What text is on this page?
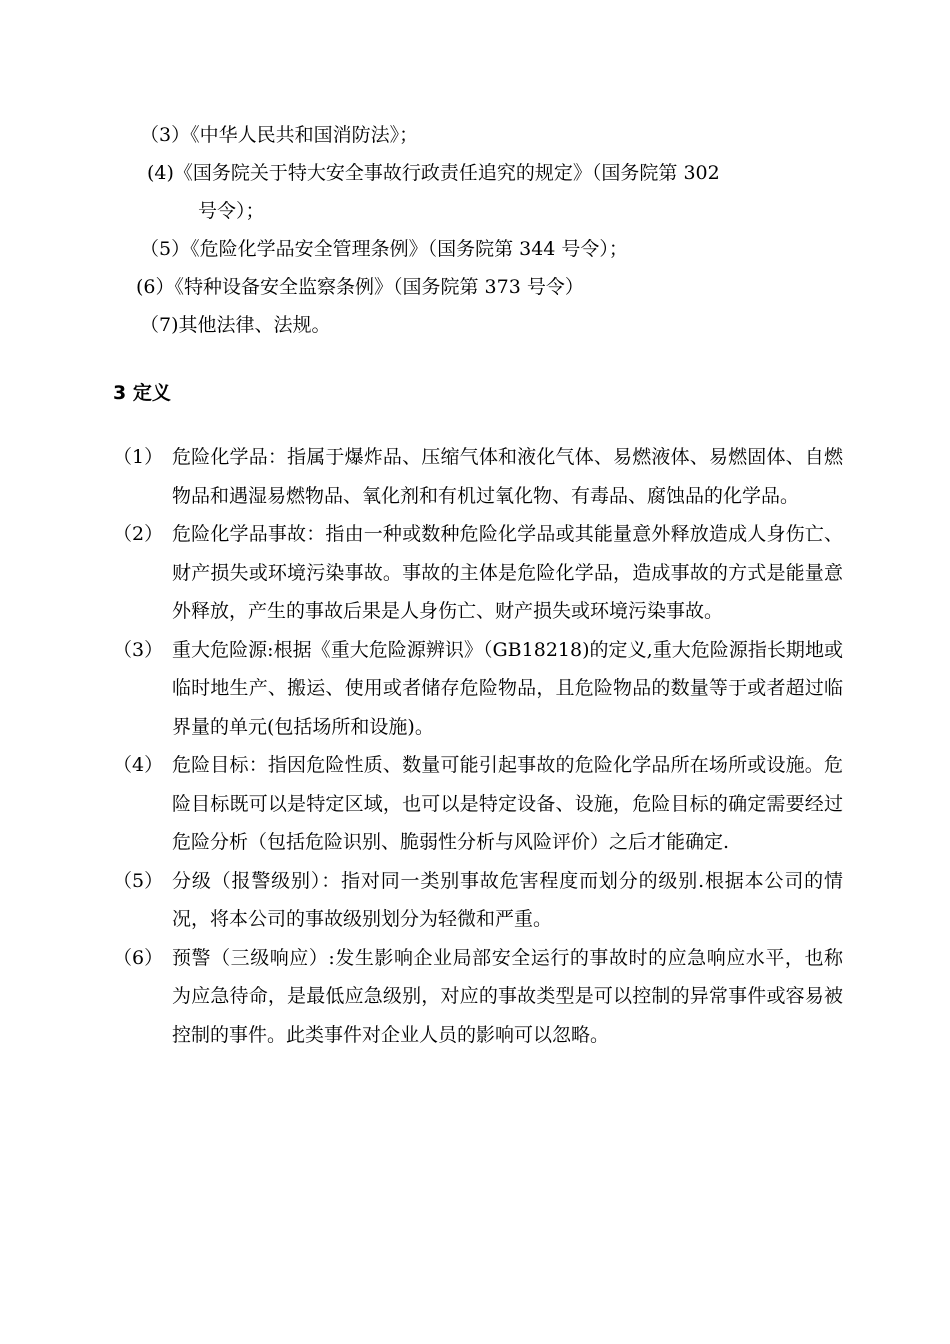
（3）《中华人民共和国消防法》；
(4)《国务院关于特大安全事故行政责任追究的规定》（国务院第 302
号令）；
（5）《危险化学品安全管理条例》（国务院第 344 号令）；
(6）《特种设备安全监察条例》（国务院第 373 号令）
（7)其他法律、法规。
3 定义
（1） 危险化学品：指属于爆炸品、压缩气体和液化气体、易燃液体、易燃固体、自燃物品和遇湿易燃物品、氧化剂和有机过氧化物、有毒品、腐蚀品的化学品。
（2） 危险化学品事故：指由一种或数种危险化学品或其能量意外释放造成人身伤亡、财产损失或环境污染事故。事故的主体是危险化学品，造成事故的方式是能量意外释放，产生的事故后果是人身伤亡、财产损失或环境污染事故。
（3） 重大危险源:根据《重大危险源辨识》（GB18218)的定义,重大危险源指长期地或临时地生产、搬运、使用或者储存危险物品，且危险物品的数量等于或者超过临界量的单元(包括场所和设施)。
（4） 危险目标：指因危险性质、数量可能引起事故的危险化学品所在场所或设施。危险目标既可以是特定区域，也可以是特定设备、设施，危险目标的确定需要经过危险分析（包括危险识别、脆弱性分析与风险评价）之后才能确定.
（5） 分级（报警级别）：指对同一类别事故危害程度而划分的级别.根据本公司的情况，将本公司的事故级别划分为轻微和严重。
（6） 预警（三级响应）:发生影响企业局部安全运行的事故时的应急响应水平，也称为应急待命，是最低应急级别，对应的事故类型是可以控制的异常事件或容易被控制的事件。此类事件对企业人员的影响可以忽略。
